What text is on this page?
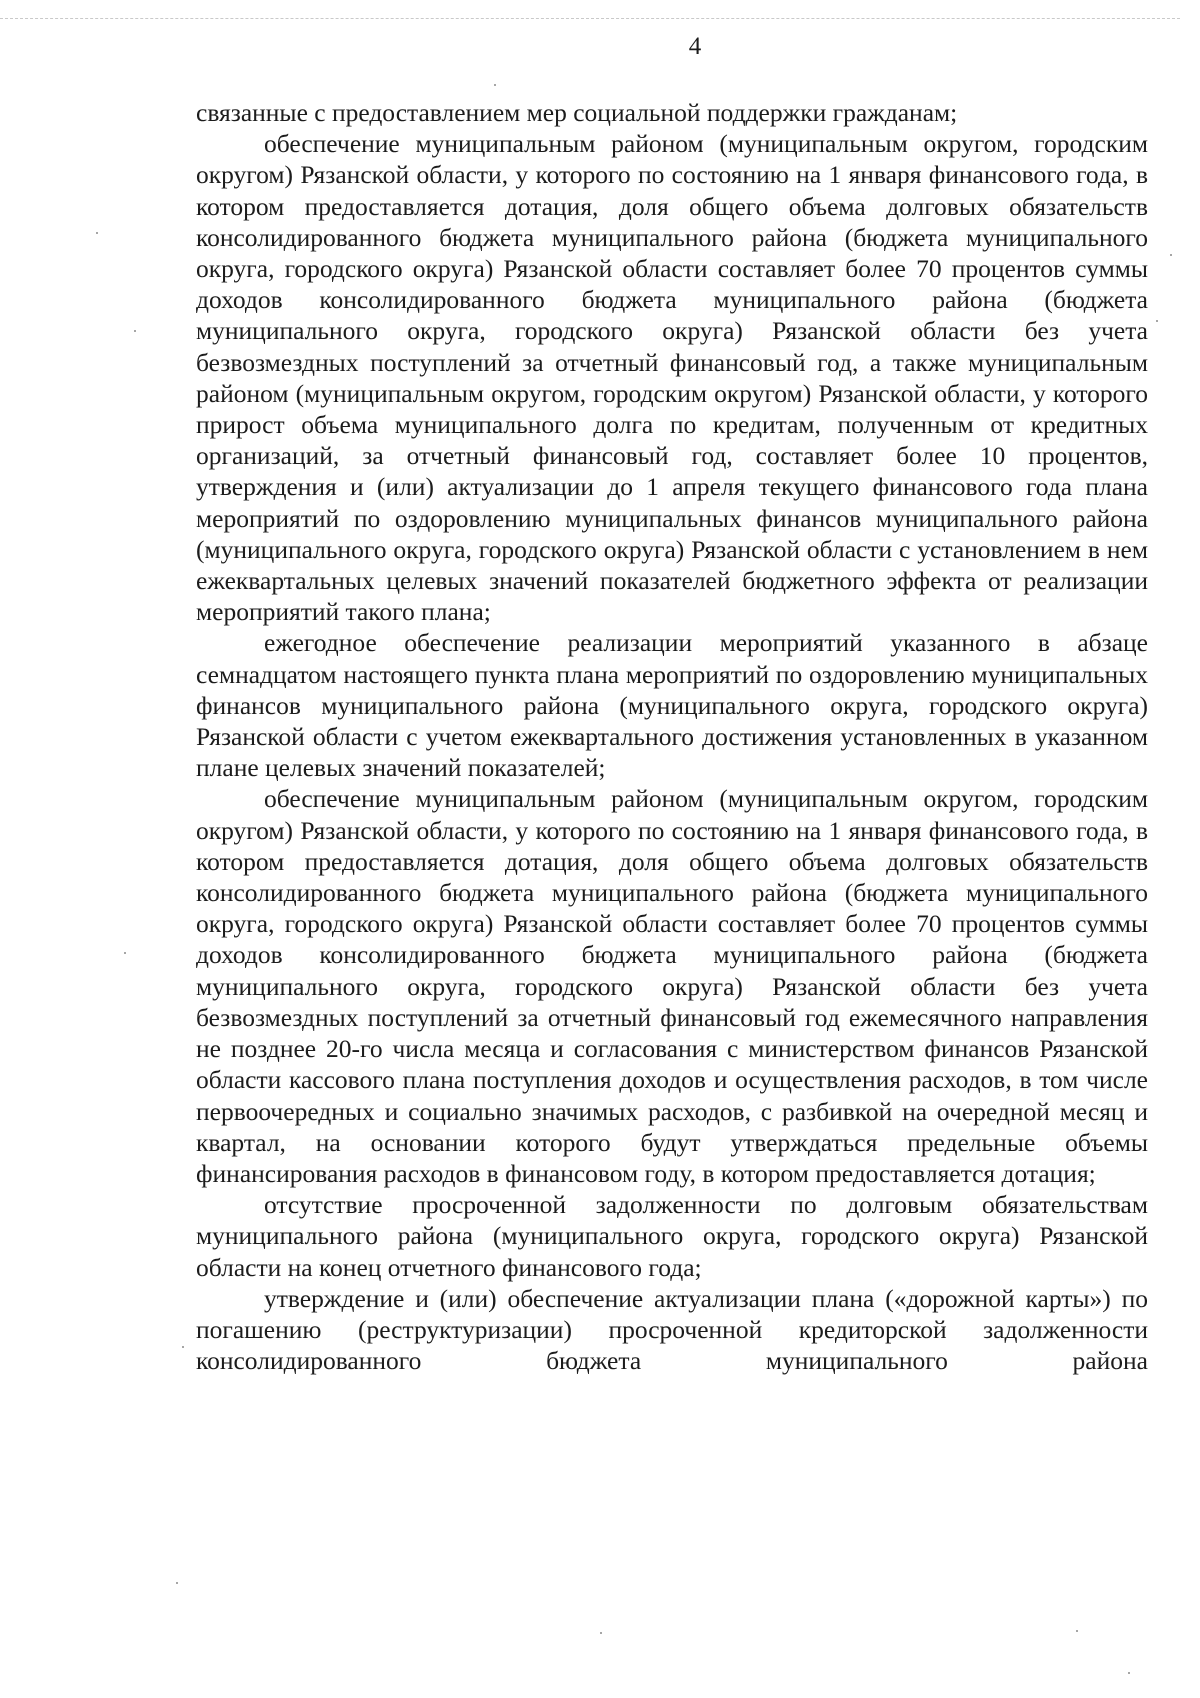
4

связанные с предоставлением мер социальной поддержки гражданам;

обеспечение муниципальным районом (муниципальным округом, городским округом) Рязанской области, у которого по состоянию на 1 января финансового года, в котором предоставляется дотация, доля общего объема долговых обязательств консолидированного бюджета муниципального района (бюджета муниципального округа, городского округа) Рязанской области составляет более 70 процентов суммы доходов консолидированного бюджета муниципального района (бюджета муниципального округа, городского округа) Рязанской области без учета безвозмездных поступлений за отчетный финансовый год, а также муниципальным районом (муниципальным округом, городским округом) Рязанской области, у которого прирост объема муниципального долга по кредитам, полученным от кредитных организаций, за отчетный финансовый год, составляет более 10 процентов, утверждения и (или) актуализации до 1 апреля текущего финансового года плана мероприятий по оздоровлению муниципальных финансов муниципального района (муниципального округа, городского округа) Рязанской области с установлением в нем ежеквартальных целевых значений показателей бюджетного эффекта от реализации мероприятий такого плана;

ежегодное обеспечение реализации мероприятий указанного в абзаце семнадцатом настоящего пункта плана мероприятий по оздоровлению муниципальных финансов муниципального района (муниципального округа, городского округа) Рязанской области с учетом ежеквартального достижения установленных в указанном плане целевых значений показателей;

обеспечение муниципальным районом (муниципальным округом, городским округом) Рязанской области, у которого по состоянию на 1 января финансового года, в котором предоставляется дотация, доля общего объема долговых обязательств консолидированного бюджета муниципального района (бюджета муниципального округа, городского округа) Рязанской области составляет более 70 процентов суммы доходов консолидированного бюджета муниципального района (бюджета муниципального округа, городского округа) Рязанской области без учета безвозмездных поступлений за отчетный финансовый год ежемесячного направления не позднее 20-го числа месяца и согласования с министерством финансов Рязанской области кассового плана поступления доходов и осуществления расходов, в том числе первоочередных и социально значимых расходов, с разбивкой на очередной месяц и квартал, на основании которого будут утверждаться предельные объемы финансирования расходов в финансовом году, в котором предоставляется дотация;

отсутствие просроченной задолженности по долговым обязательствам муниципального района (муниципального округа, городского округа) Рязанской области на конец отчетного финансового года;

утверждение и (или) обеспечение актуализации плана («дорожной карты») по погашению (реструктуризации) просроченной кредиторской задолженности консолидированного бюджета муниципального района
